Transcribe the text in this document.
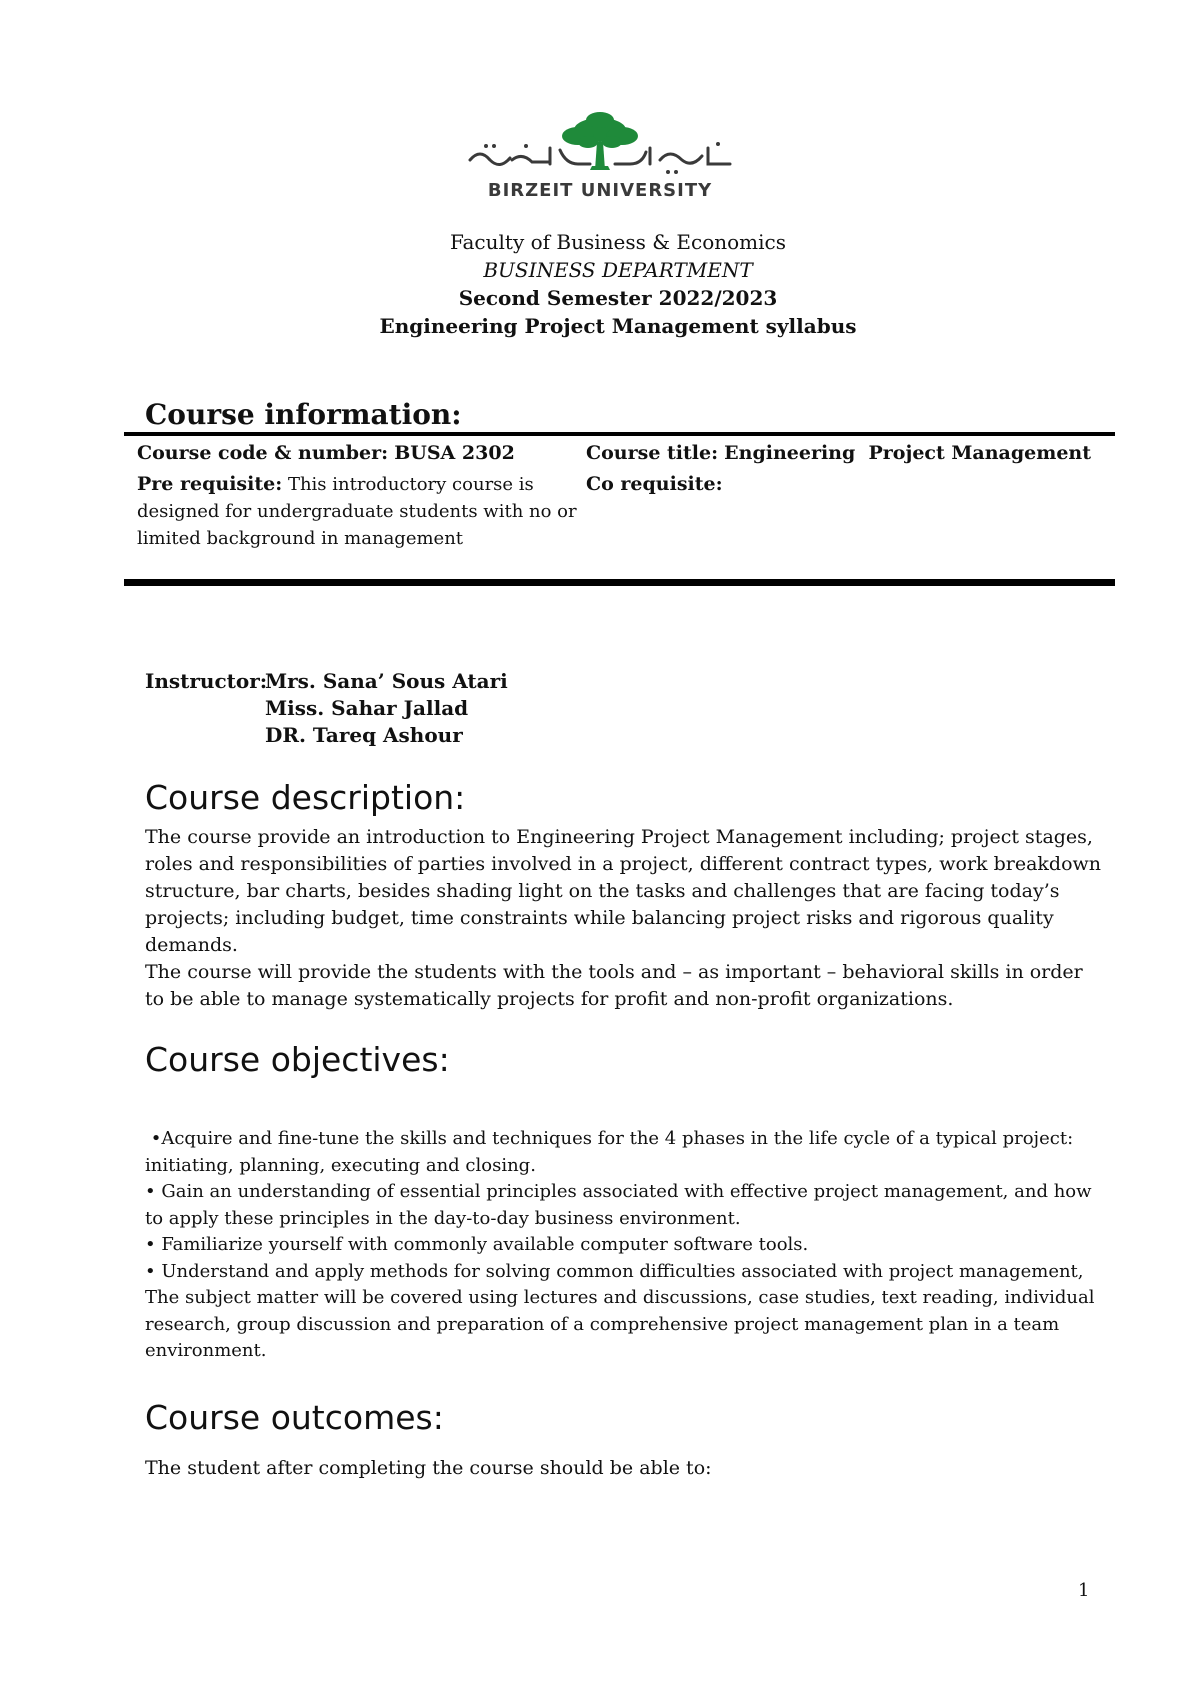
BIRZEIT UNIVERSITY
Faculty of Business & Economics
BUSINESS DEPARTMENT
Second Semester 2022/2023
Engineering Project Management syllabus
Course information:
Course code & number: BUSA 2302
Pre requisite: This introductory course is designed for undergraduate students with no or limited background in management
Course title: Engineering  Project Management
Co requisite:
Instructor:Mrs. Sana’ Sous Atari
Miss. Sahar Jallad
DR. Tareq Ashour
Course description:

The course provide an introduction to Engineering Project Management including; project stages, roles and responsibilities of parties involved in a project, different contract types, work breakdown structure, bar charts, besides shading light on the tasks and challenges that are facing today’s projects; including budget, time constraints while balancing project risks and rigorous quality demands.

The course will provide the students with the tools and – as important – behavioral skills in order to be able to manage systematically projects for profit and non-profit organizations.

Course objectives:

•Acquire and fine-tune the skills and techniques for the 4 phases in the life cycle of a typical project: initiating, planning, executing and closing.

• Gain an understanding of essential principles associated with effective project management, and how to apply these principles in the day-to-day business environment.

• Familiarize yourself with commonly available computer software tools.

• Understand and apply methods for solving common difficulties associated with project management, The subject matter will be covered using lectures and discussions, case studies, text reading, individual research, group discussion and preparation of a comprehensive project management plan in a team environment.

Course outcomes:
The student after completing the course should be able to:
1
